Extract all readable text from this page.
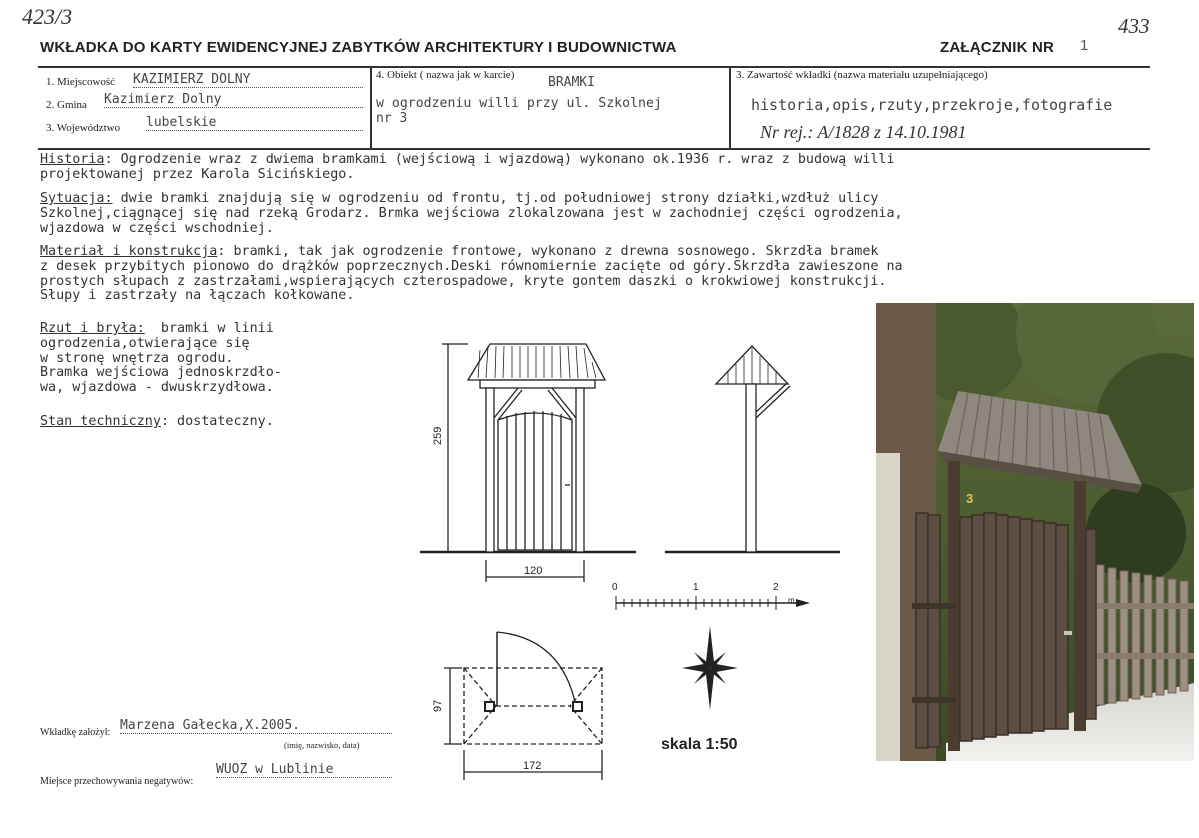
423/3	433
WKŁADKA DO KARTY EWIDENCYJNEJ ZABYTKÓW ARCHITEKTURY I BUDOWNICTWA	ZAŁĄCZNIK NR 1
1. Miejscowość KAZIMIERZ DOLNY
2. Gmina Kazimierz Dolny
3. Województwo lubelskie
4. Obiekt ( nazwa jak w karcie)	BRAMKI
w ogrodzeniu willi przy ul. Szkolnej
nr 3
3. Zawartość wkładki (nazwa materiału uzupełniającego)
historia,opis,rzuty,przekroje,fotografie
Nr rej.: A/1828 z 14.10.1981
Historia: Ogrodzenie wraz z dwiema bramkami (wejściową i wjazdową) wykonano ok.1936 r. wraz z budową willi
projektowanej przez Karola Sicińskiego.
Sytuacja: dwie bramki znajdują się w ogrodzeniu od frontu, tj.od południowej strony działki,wzdłuż ulicy
Szkolnej,ciągnącej się nad rzeką Grodarz. Brmka wejściowa zlokalzowana jest w zachodniej części ogrodzenia,
wjazdowa w części wschodniej.
Materiał i konstrukcja: bramki, tak jak ogrodzenie frontowe, wykonano z drewna sosnowego. Skrzdła bramek
z desek przybitych pionowo do drążków poprzecznych.Deski równomiernie zacięte od góry.Skrzdła zawieszone na
prostych słupach z zastrzałami,wspierających czterospadowe, kryte gontem daszki o krokwiowej konstrukcji.
Słupy i zastrzały na łączach kołkowane.
Rzut i bryła:  bramki w linii
ogrodzenia,otwierające się
w stronę wnętrza ogrodu.
Bramka wejściowa jednoskrzdło-
wa, wjazdowa - dwuskrzydłowa.
Stan techniczny: dostateczny.
259
120
97
172
0	1	2
m
skala 1:50
Wkładkę założył: Marzena Gałecka,X.2005.
(imię, nazwisko, data)
Miejsce przechowywania negatywów:
WUOZ w Lublinie
3
